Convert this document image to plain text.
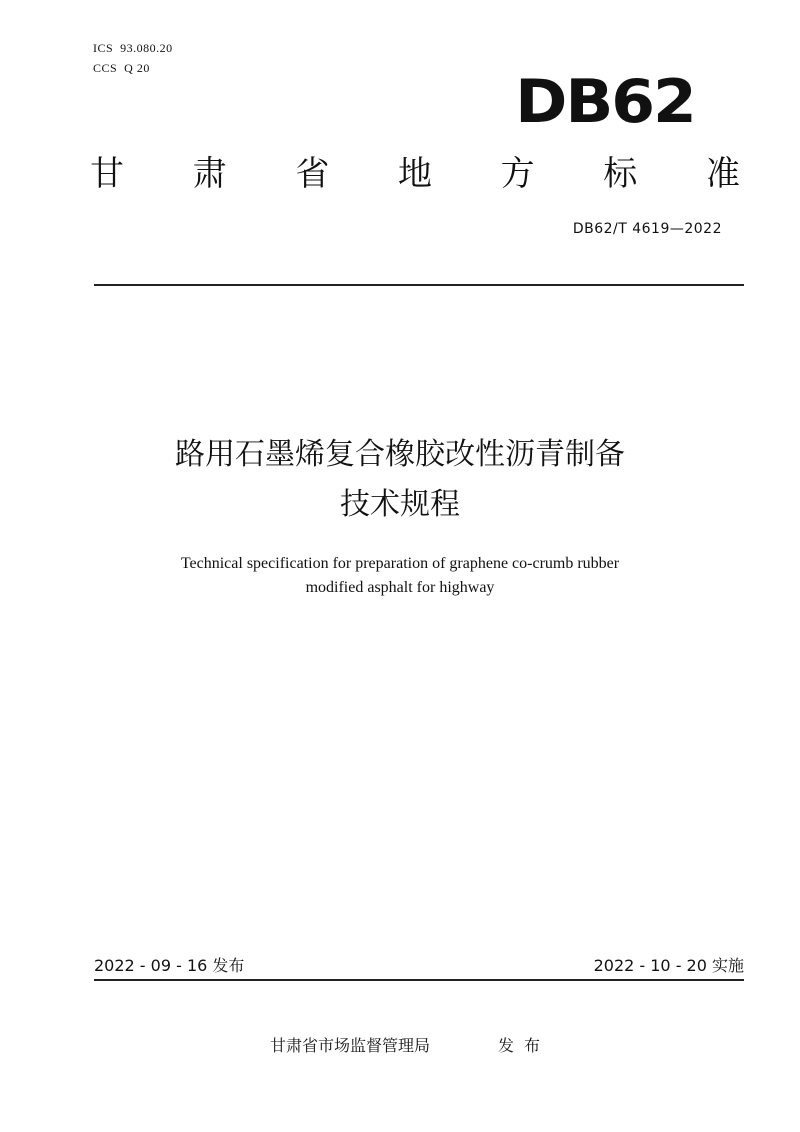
ICS  93.080.20
CCS  Q 20	DB62
甘 肃 省 地 方 标 准
DB62/T 4619—2022
路用石墨烯复合橡胶改性沥青制备
技术规程
Technical specification for preparation of graphene co-crumb rubber
modified asphalt for highway
2022 - 09 - 16 发布	2022 - 10 - 20 实施
甘肃省市场监督管理局	发布
